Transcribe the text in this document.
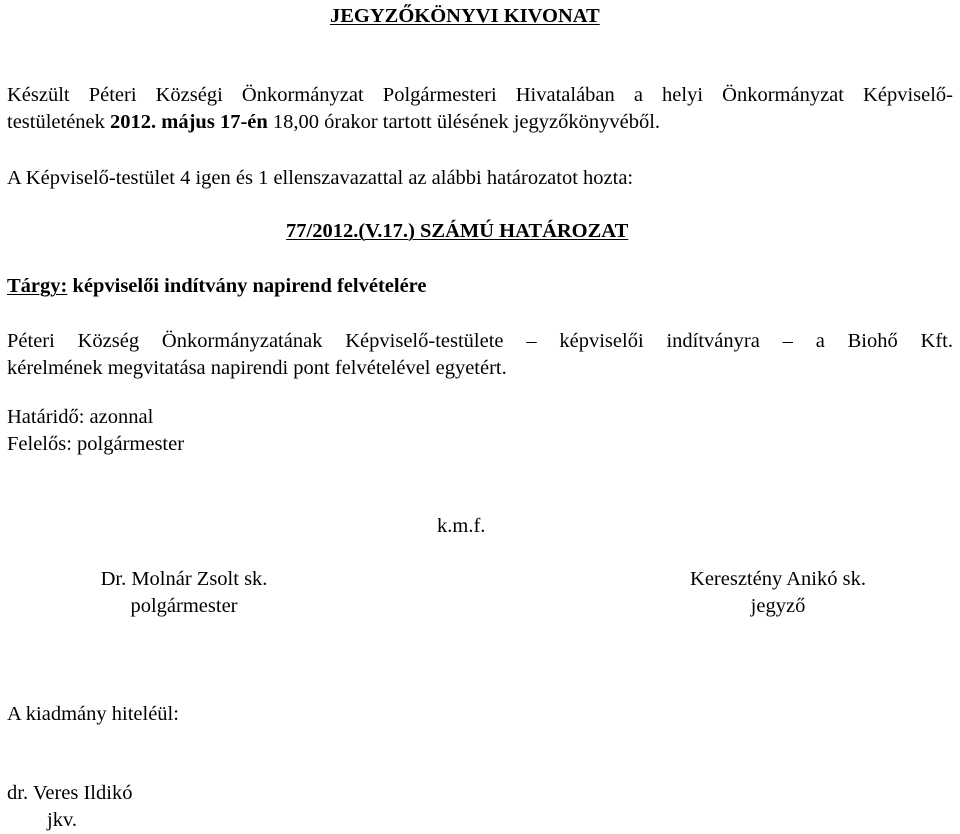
JEGYZŐKÖNYVI KIVONAT
Készült Péteri Községi Önkormányzat Polgármesteri Hivatalában a helyi Önkormányzat Képviselő-
testületének 2012. május 17-én 18,00 órakor tartott ülésének jegyzőkönyvéből.
A Képviselő-testület 4 igen és 1 ellenszavazattal az alábbi határozatot hozta:
77/2012.(V.17.) SZÁMÚ HATÁROZAT
Tárgy: képviselői indítvány napirend felvételére
Péteri Község Önkormányzatának Képviselő-testülete – képviselői indítványra – a Biohő Kft.
kérelmének megvitatása napirendi pont felvételével egyetért.
Határidő: azonnal
Felelős: polgármester
k.m.f.
Dr. Molnár Zsolt sk.
polgármester
Keresztény Anikó sk.
jegyző
A kiadmány hiteléül:
dr. Veres Ildikó
jkv.
